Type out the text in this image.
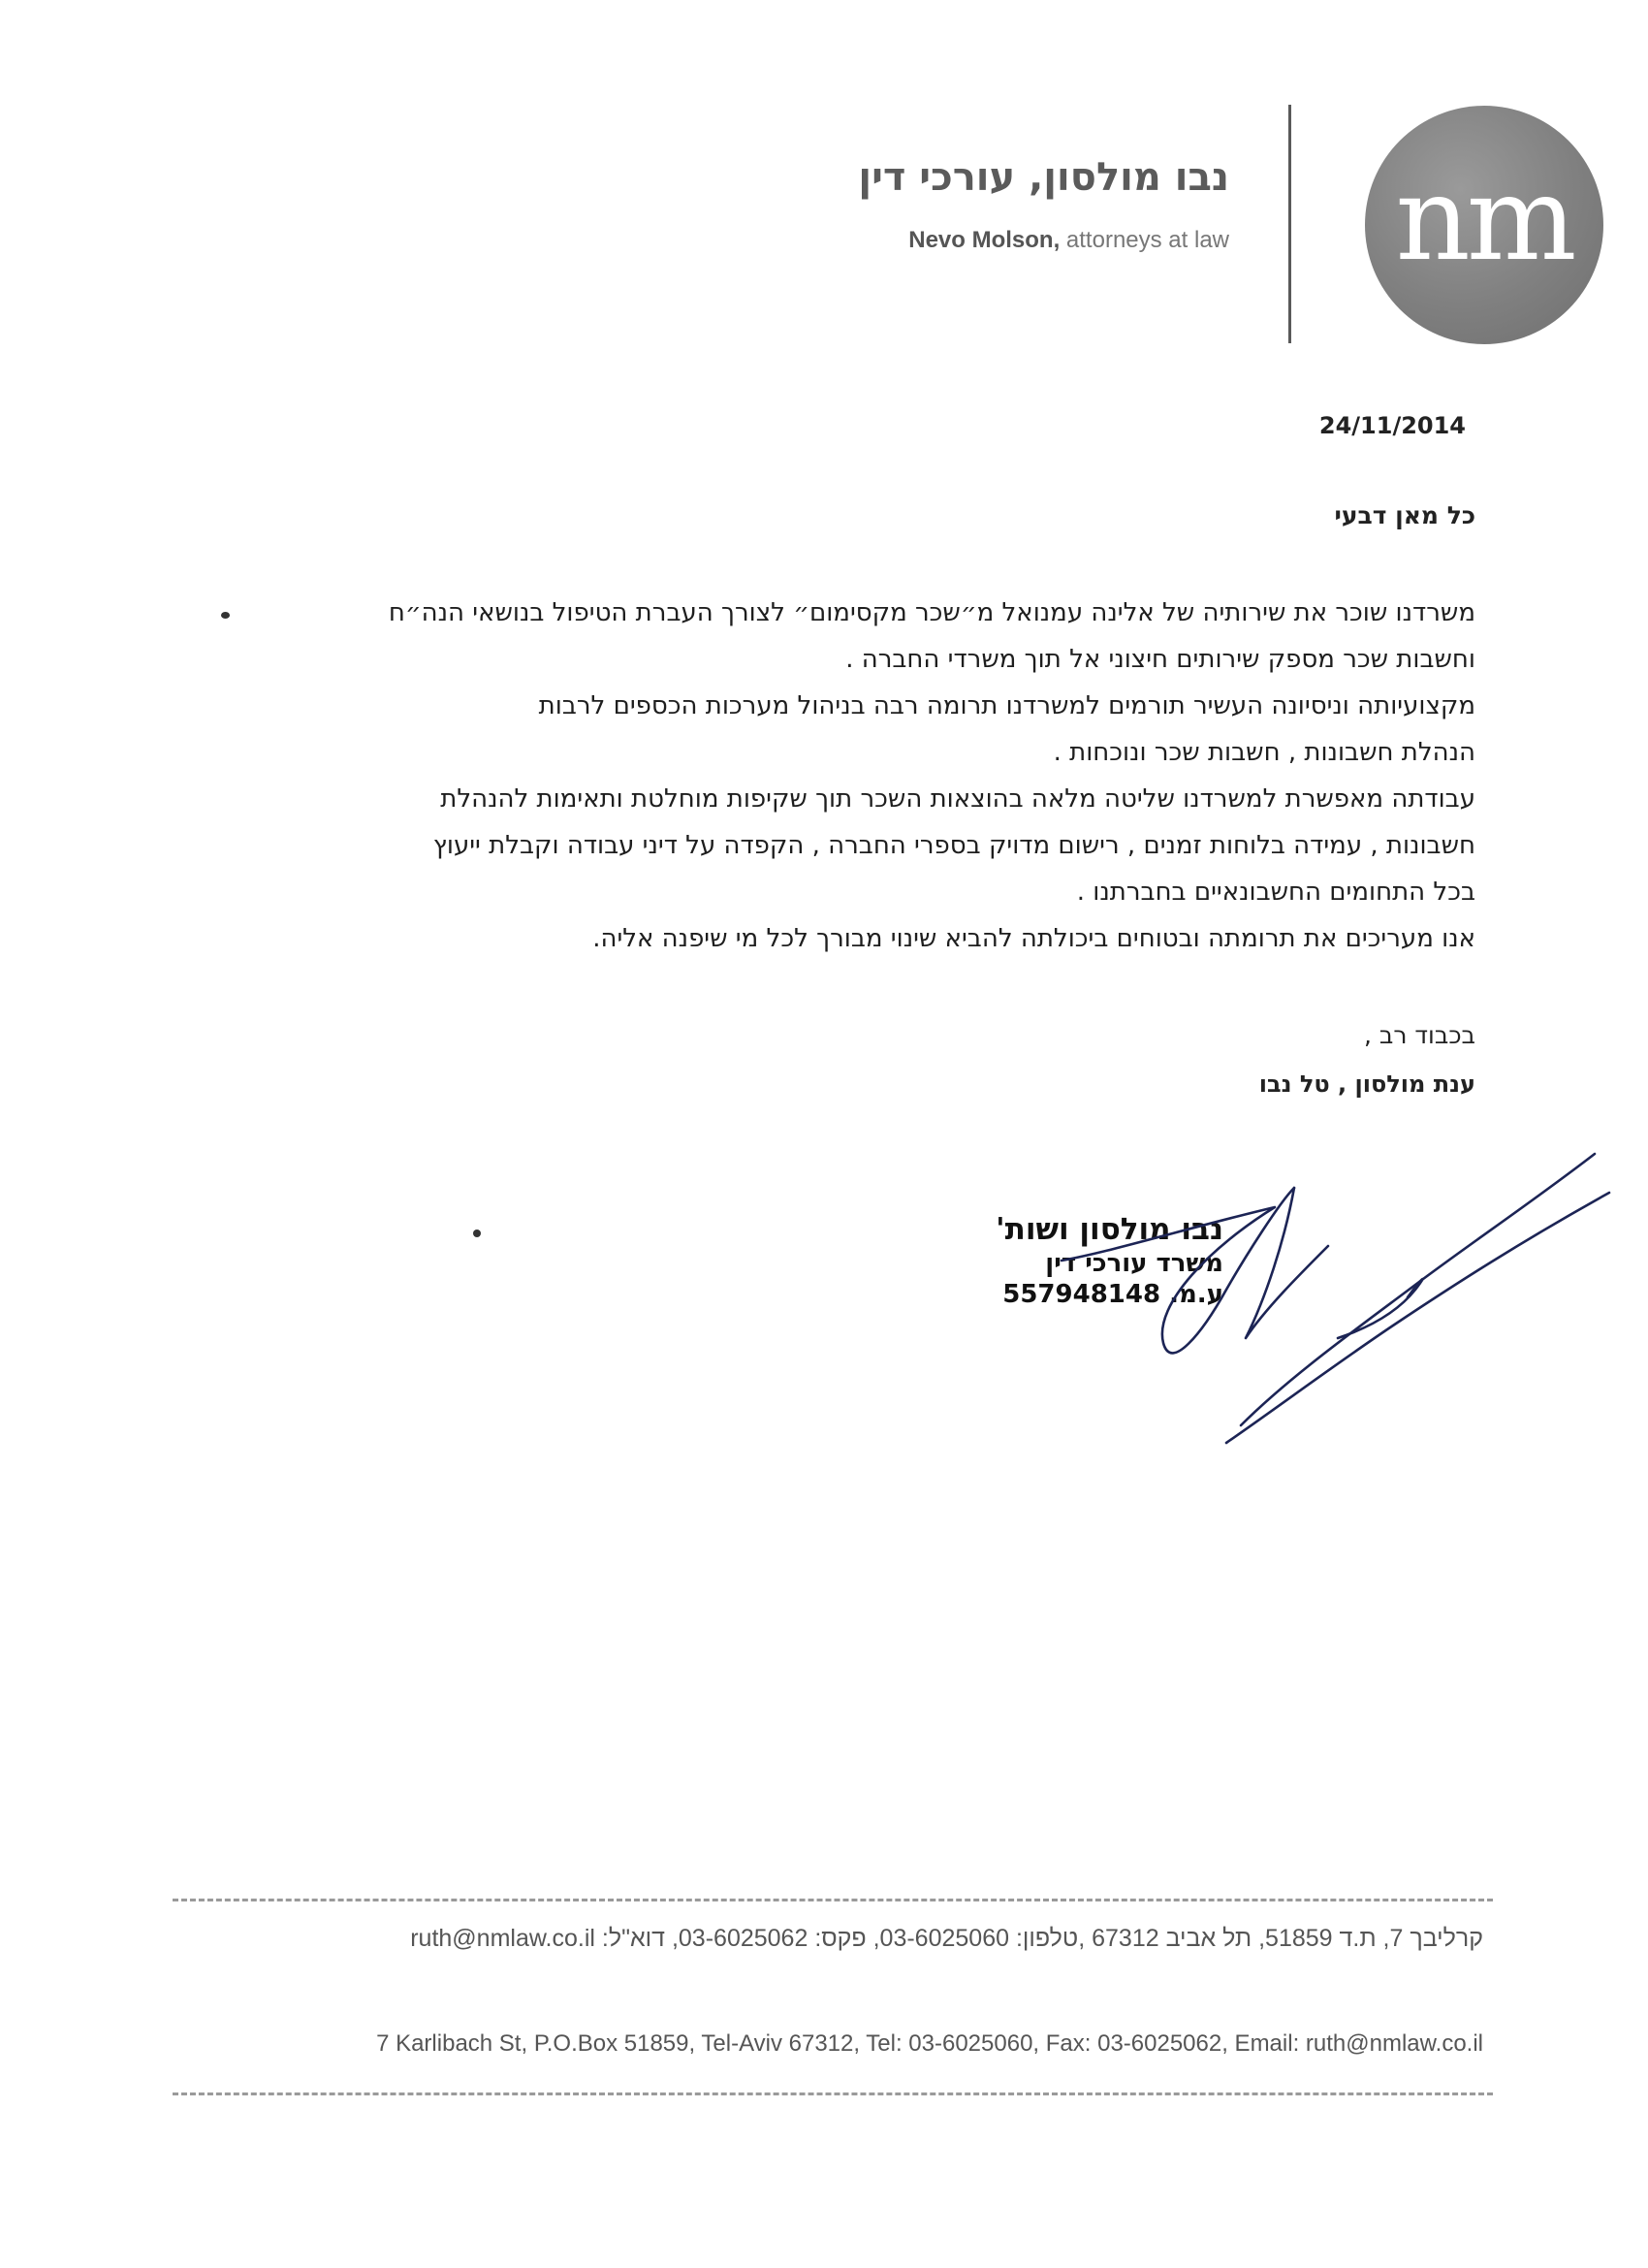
nm
נבו מולסון, עורכי דין
Nevo Molson, attorneys at law
24/11/2014
כל מאן דבעי

משרדנו שוכר את שירותיה של אלינה עמנואל מ״שכר מקסימום״ לצורך העברת הטיפול בנושאי הנה״ח

וחשבות שכר מספק שירותים חיצוני אל תוך משרדי החברה .

מקצועיותה וניסיונה העשיר תורמים למשרדנו תרומה רבה בניהול מערכות הכספים לרבות

הנהלת חשבונות , חשבות שכר ונוכחות .

עבודתה מאפשרת למשרדנו שליטה מלאה בהוצאות השכר תוך שקיפות מוחלטת ותאימות להנהלת

חשבונות , עמידה בלוחות זמנים , רישום מדויק בספרי החברה , הקפדה על דיני עבודה וקבלת ייעוץ

בכל התחומים החשבונאיים בחברתנו .

אנו מעריכים את תרומתה ובטוחים ביכולתה להביא שינוי מבורך לכל מי שיפנה אליה.

בכבוד רב ,
ענת מולסון , טל נבו
נבו מולסון ושות'
משרד עורכי דין
ע.מ. 557948148
קרליבך 7, ת.ד 51859, תל אביב 67312 ,טלפון: 03-6025060, פקס: 03-6025062, דוא"ל: ruth@nmlaw.co.il
7 Karlibach St, P.O.Box 51859, Tel-Aviv 67312, Tel: 03-6025060, Fax: 03-6025062, Email: ruth@nmlaw.co.il
